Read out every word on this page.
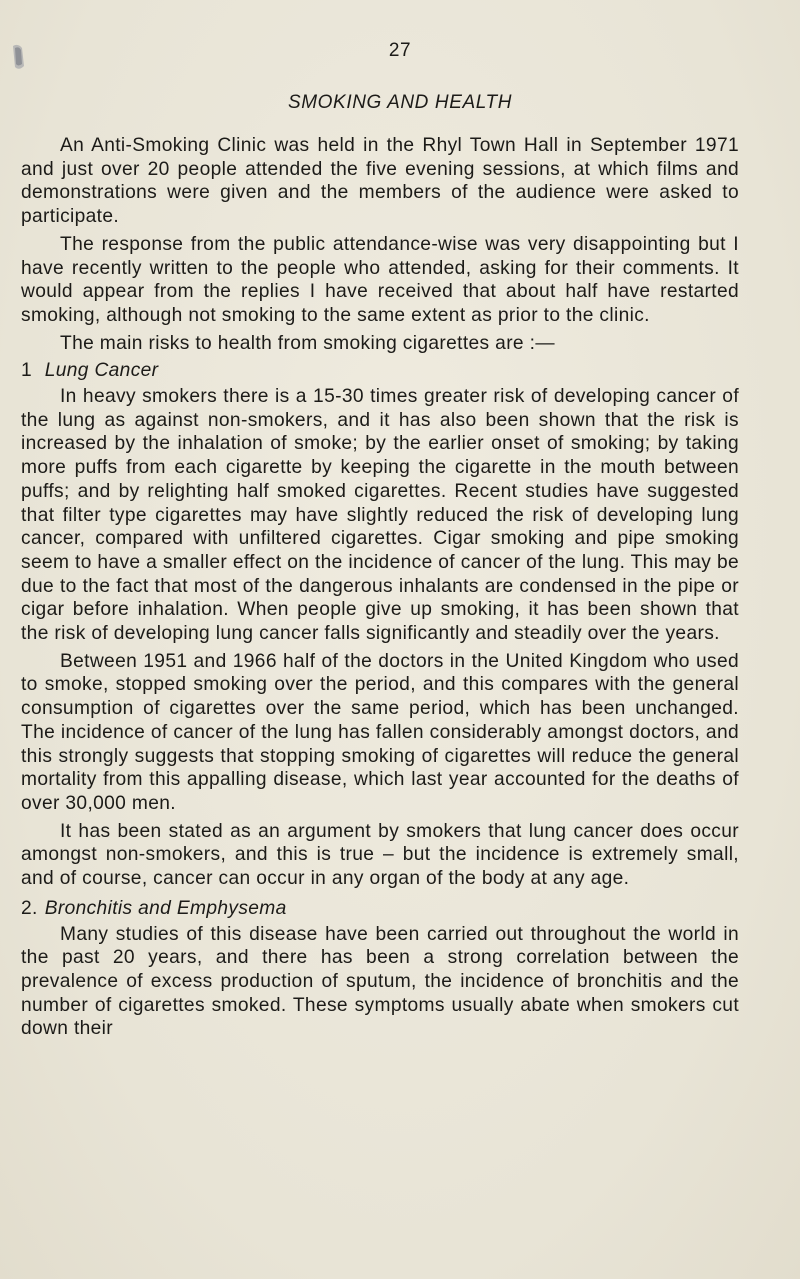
27
SMOKING AND HEALTH

An Anti-Smoking Clinic was held in the Rhyl Town Hall in September 1971 and just over 20 people attended the five evening sessions, at which films and demonstrations were given and the members of the audience were asked to participate.

The response from the public attendance-wise was very disappointing but I have recently written to the people who attended, asking for their comments. It would appear from the replies I have received that about half have restarted smoking, although not smoking to the same extent as prior to the clinic.

The main risks to health from smoking cigarettes are :—

1 Lung Cancer

In heavy smokers there is a 15-30 times greater risk of developing cancer of the lung as against non-smokers, and it has also been shown that the risk is increased by the inhalation of smoke; by the earlier onset of smoking; by taking more puffs from each cigarette by keeping the cigarette in the mouth between puffs; and by relighting half smoked cigarettes. Recent studies have suggested that filter type cigarettes may have slightly reduced the risk of developing lung cancer, compared with unfiltered cigarettes. Cigar smoking and pipe smoking seem to have a smaller effect on the incidence of cancer of the lung. This may be due to the fact that most of the dangerous inhalants are condensed in the pipe or cigar before inhalation. When people give up smoking, it has been shown that the risk of developing lung cancer falls significantly and steadily over the years.

Between 1951 and 1966 half of the doctors in the United Kingdom who used to smoke, stopped smoking over the period, and this compares with the general consumption of cigarettes over the same period, which has been unchanged. The incidence of cancer of the lung has fallen considerably amongst doctors, and this strongly suggests that stopping smoking of cigarettes will reduce the general mortality from this appalling disease, which last year accounted for the deaths of over 30,000 men.

It has been stated as an argument by smokers that lung cancer does occur amongst non-smokers, and this is true – but the incidence is extremely small, and of course, cancer can occur in any organ of the body at any age.

2. Bronchitis and Emphysema

Many studies of this disease have been carried out throughout the world in the past 20 years, and there has been a strong correlation between the prevalence of excess production of sputum, the incidence of bronchitis and the number of cigarettes smoked. These symptoms usually abate when smokers cut down their
